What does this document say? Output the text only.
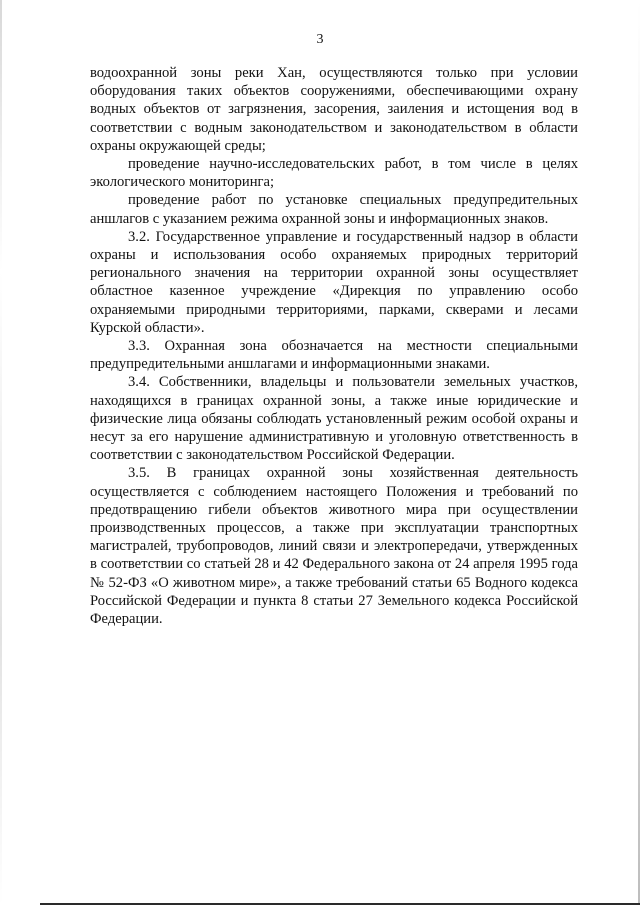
3

водоохранной зоны реки Хан, осуществляются только при условии оборудования таких объектов сооружениями, обеспечивающими охрану водных объектов от загрязнения, засорения, заиления и истощения вод в соответствии с водным законодательством и законодательством в области охраны окружающей среды;

проведение научно-исследовательских работ, в том числе в целях экологического мониторинга;

проведение работ по установке специальных предупредительных аншлагов с указанием режима охранной зоны и информационных знаков.

3.2. Государственное управление и государственный надзор в области охраны и использования особо охраняемых природных территорий регионального значения на территории охранной зоны осуществляет областное казенное учреждение «Дирекция по управлению особо охраняемыми природными территориями, парками, скверами и лесами Курской области».

3.3. Охранная зона обозначается на местности специальными предупредительными аншлагами и информационными знаками.

3.4. Собственники, владельцы и пользователи земельных участков, находящихся в границах охранной зоны, а также иные юридические и физические лица обязаны соблюдать установленный режим особой охраны и несут за его нарушение административную и уголовную ответственность в соответствии с законодательством Российской Федерации.

3.5. В границах охранной зоны хозяйственная деятельность осуществляется с соблюдением настоящего Положения и требований по предотвращению гибели объектов животного мира при осуществлении производственных процессов, а также при эксплуатации транспортных магистралей, трубопроводов, линий связи и электропередачи, утвержденных в соответствии со статьей 28 и 42 Федерального закона от 24 апреля 1995 года № 52-ФЗ «О животном мире», а также требований статьи 65 Водного кодекса Российской Федерации и пункта 8 статьи 27 Земельного кодекса Российской Федерации.
